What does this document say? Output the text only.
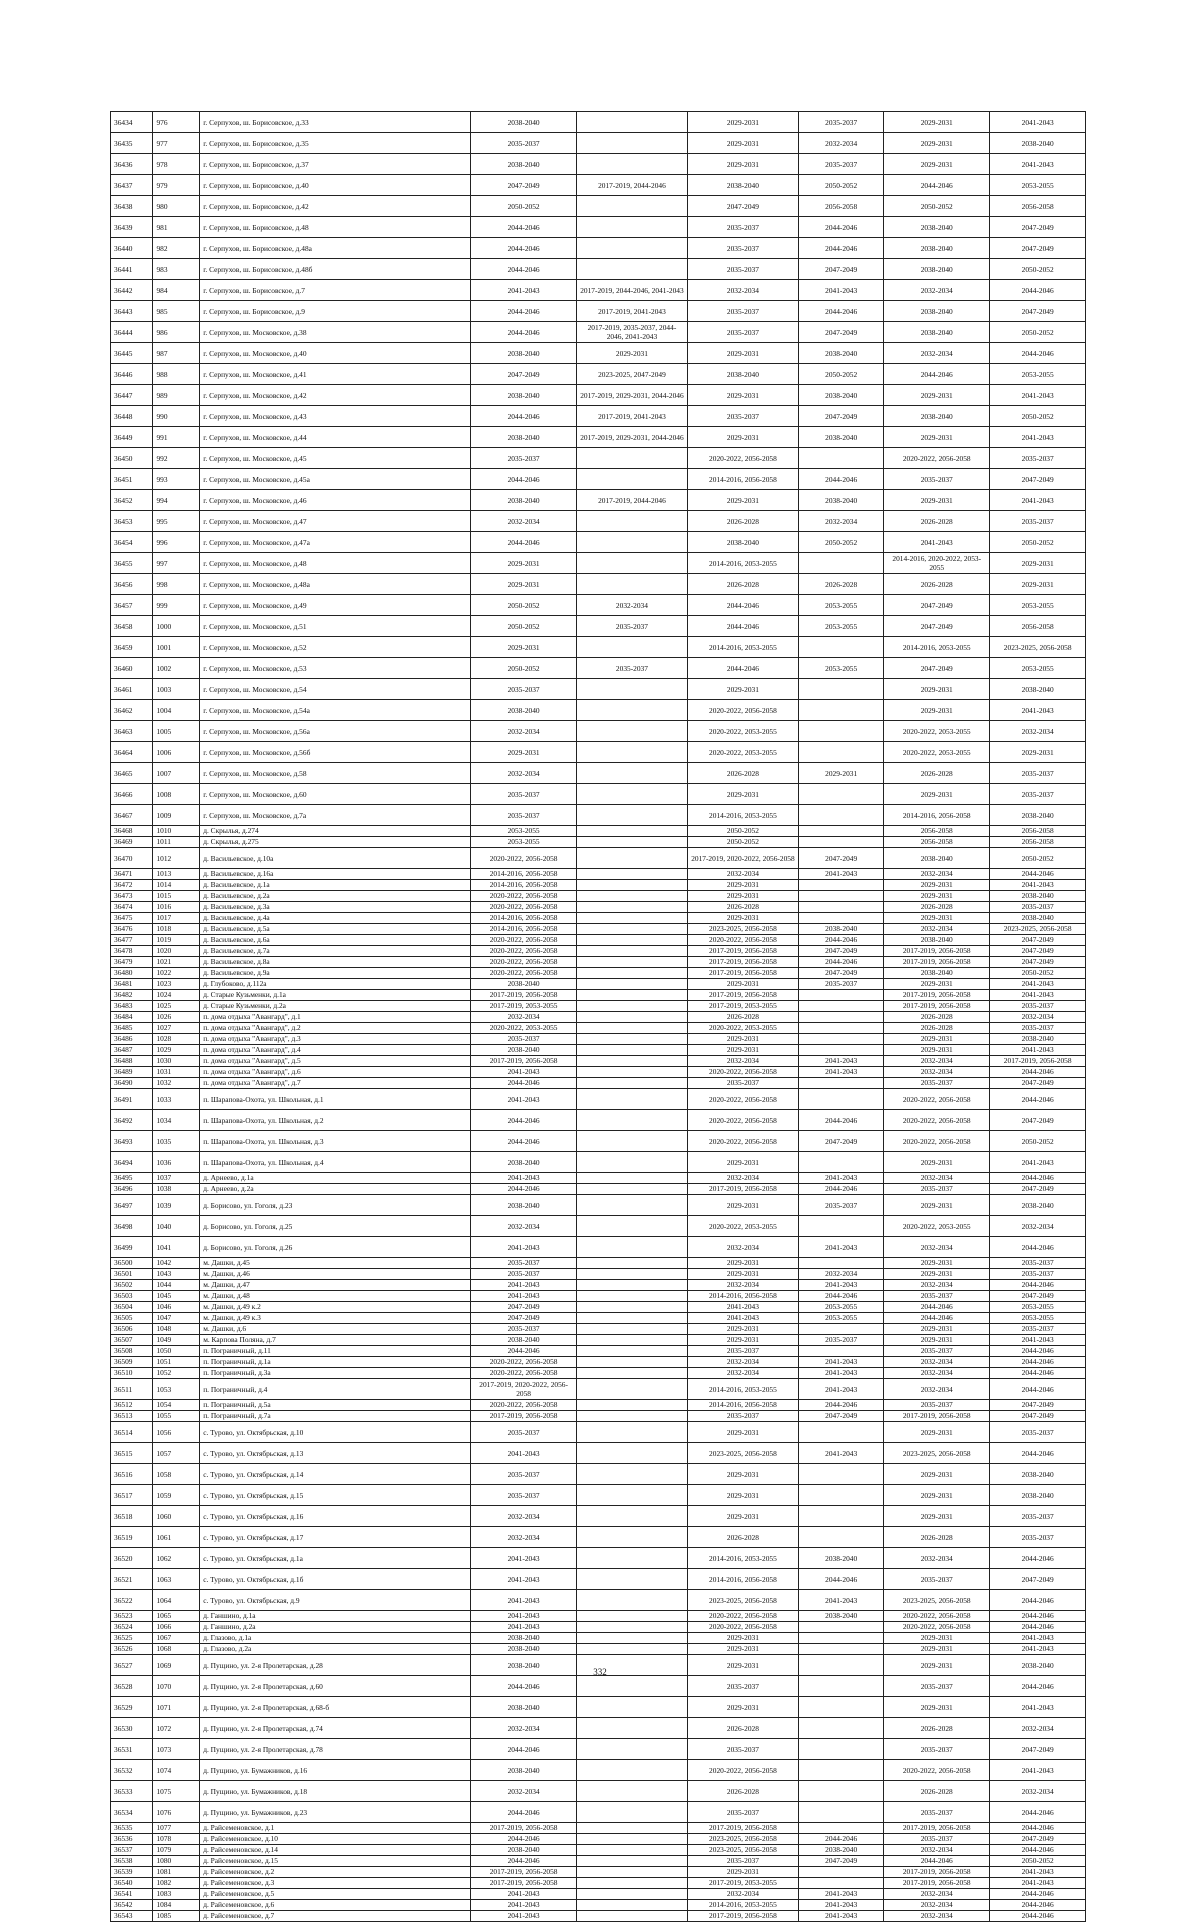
36434	976	г. Серпухов, ш. Борисовское, д.33	2038-2040		2029-2031	2035-2037	2029-2031	2041-2043
36435	977	г. Серпухов, ш. Борисовское, д.35	2035-2037		2029-2031	2032-2034	2029-2031	2038-2040
36436	978	г. Серпухов, ш. Борисовское, д.37	2038-2040		2029-2031	2035-2037	2029-2031	2041-2043
36437	979	г. Серпухов, ш. Борисовское, д.40	2047-2049	2017-2019, 2044-2046	2038-2040	2050-2052	2044-2046	2053-2055
36438	980	г. Серпухов, ш. Борисовское, д.42	2050-2052		2047-2049	2056-2058	2050-2052	2056-2058
36439	981	г. Серпухов, ш. Борисовское, д.48	2044-2046		2035-2037	2044-2046	2038-2040	2047-2049
36440	982	г. Серпухов, ш. Борисовское, д.48а	2044-2046		2035-2037	2044-2046	2038-2040	2047-2049
36441	983	г. Серпухов, ш. Борисовское, д.48б	2044-2046		2035-2037	2047-2049	2038-2040	2050-2052
36442	984	г. Серпухов, ш. Борисовское, д.7	2041-2043	2017-2019, 2044-2046, 2041-2043	2032-2034	2041-2043	2032-2034	2044-2046
36443	985	г. Серпухов, ш. Борисовское, д.9	2044-2046	2017-2019, 2041-2043	2035-2037	2044-2046	2038-2040	2047-2049
36444	986	г. Серпухов, ш. Московское, д.38	2044-2046	2017-2019, 2035-2037, 2044-2046, 2041-2043	2035-2037	2047-2049	2038-2040	2050-2052
36445	987	г. Серпухов, ш. Московское, д.40	2038-2040	2029-2031	2029-2031	2038-2040	2032-2034	2044-2046
36446	988	г. Серпухов, ш. Московское, д.41	2047-2049	2023-2025, 2047-2049	2038-2040	2050-2052	2044-2046	2053-2055
36447	989	г. Серпухов, ш. Московское, д.42	2038-2040	2017-2019, 2029-2031, 2044-2046	2029-2031	2038-2040	2029-2031	2041-2043
36448	990	г. Серпухов, ш. Московское, д.43	2044-2046	2017-2019, 2041-2043	2035-2037	2047-2049	2038-2040	2050-2052
36449	991	г. Серпухов, ш. Московское, д.44	2038-2040	2017-2019, 2029-2031, 2044-2046	2029-2031	2038-2040	2029-2031	2041-2043
36450	992	г. Серпухов, ш. Московское, д.45	2035-2037		2020-2022, 2056-2058		2020-2022, 2056-2058	2035-2037
36451	993	г. Серпухов, ш. Московское, д.45а	2044-2046		2014-2016, 2056-2058	2044-2046	2035-2037	2047-2049
36452	994	г. Серпухов, ш. Московское, д.46	2038-2040	2017-2019, 2044-2046	2029-2031	2038-2040	2029-2031	2041-2043
36453	995	г. Серпухов, ш. Московское, д.47	2032-2034		2026-2028	2032-2034	2026-2028	2035-2037
36454	996	г. Серпухов, ш. Московское, д.47а	2044-2046		2038-2040	2050-2052	2041-2043	2050-2052
36455	997	г. Серпухов, ш. Московское, д.48	2029-2031		2014-2016, 2053-2055		2014-2016, 2020-2022, 2053-2055	2029-2031
36456	998	г. Серпухов, ш. Московское, д.48а	2029-2031		2026-2028	2026-2028	2026-2028	2029-2031
36457	999	г. Серпухов, ш. Московское, д.49	2050-2052	2032-2034	2044-2046	2053-2055	2047-2049	2053-2055
36458	1000	г. Серпухов, ш. Московское, д.51	2050-2052	2035-2037	2044-2046	2053-2055	2047-2049	2056-2058
36459	1001	г. Серпухов, ш. Московское, д.52	2029-2031		2014-2016, 2053-2055		2014-2016, 2053-2055	2023-2025, 2056-2058
36460	1002	г. Серпухов, ш. Московское, д.53	2050-2052	2035-2037	2044-2046	2053-2055	2047-2049	2053-2055
36461	1003	г. Серпухов, ш. Московское, д.54	2035-2037		2029-2031		2029-2031	2038-2040
36462	1004	г. Серпухов, ш. Московское, д.54а	2038-2040		2020-2022, 2056-2058		2029-2031	2041-2043
36463	1005	г. Серпухов, ш. Московское, д.56а	2032-2034		2020-2022, 2053-2055		2020-2022, 2053-2055	2032-2034
36464	1006	г. Серпухов, ш. Московское, д.56б	2029-2031		2020-2022, 2053-2055		2020-2022, 2053-2055	2029-2031
36465	1007	г. Серпухов, ш. Московское, д.58	2032-2034		2026-2028	2029-2031	2026-2028	2035-2037
36466	1008	г. Серпухов, ш. Московское, д.60	2035-2037		2029-2031		2029-2031	2035-2037
36467	1009	г. Серпухов, ш. Московское, д.7а	2035-2037		2014-2016, 2053-2055		2014-2016, 2056-2058	2038-2040
36468	1010	д. Скрылья, д.274	2053-2055		2050-2052		2056-2058	2056-2058
36469	1011	д. Скрылья, д.275	2053-2055		2050-2052		2056-2058	2056-2058
36470	1012	д. Васильевское, д.10а	2020-2022, 2056-2058		2017-2019, 2020-2022, 2056-2058	2047-2049	2038-2040	2050-2052
36471	1013	д. Васильевское, д.16а	2014-2016, 2056-2058		2032-2034	2041-2043	2032-2034	2044-2046
36472	1014	д. Васильевское, д.1а	2014-2016, 2056-2058		2029-2031		2029-2031	2041-2043
36473	1015	д. Васильевское, д.2а	2020-2022, 2056-2058		2029-2031		2029-2031	2038-2040
36474	1016	д. Васильевское, д.3а	2020-2022, 2056-2058		2026-2028		2026-2028	2035-2037
36475	1017	д. Васильевское, д.4а	2014-2016, 2056-2058		2029-2031		2029-2031	2038-2040
36476	1018	д. Васильевское, д.5а	2014-2016, 2056-2058		2023-2025, 2056-2058	2038-2040	2032-2034	2023-2025, 2056-2058
36477	1019	д. Васильевское, д.6а	2020-2022, 2056-2058		2020-2022, 2056-2058	2044-2046	2038-2040	2047-2049
36478	1020	д. Васильевское, д.7а	2020-2022, 2056-2058		2017-2019, 2056-2058	2047-2049	2017-2019, 2056-2058	2047-2049
36479	1021	д. Васильевское, д.8а	2020-2022, 2056-2058		2017-2019, 2056-2058	2044-2046	2017-2019, 2056-2058	2047-2049
36480	1022	д. Васильевское, д.9а	2020-2022, 2056-2058		2017-2019, 2056-2058	2047-2049	2038-2040	2050-2052
36481	1023	д. Глубоково, д.112а	2038-2040		2029-2031	2035-2037	2029-2031	2041-2043
36482	1024	д. Старые Кузьменки, д.1а	2017-2019, 2056-2058		2017-2019, 2056-2058		2017-2019, 2056-2058	2041-2043
36483	1025	д. Старые Кузьменки, д.2а	2017-2019, 2053-2055		2017-2019, 2053-2055		2017-2019, 2056-2058	2035-2037
36484	1026	п. дома отдыха "Авангард", д.1	2032-2034		2026-2028		2026-2028	2032-2034
36485	1027	п. дома отдыха "Авангард", д.2	2020-2022, 2053-2055		2020-2022, 2053-2055		2026-2028	2035-2037
36486	1028	п. дома отдыха "Авангард", д.3	2035-2037		2029-2031		2029-2031	2038-2040
36487	1029	п. дома отдыха "Авангард", д.4	2038-2040		2029-2031		2029-2031	2041-2043
36488	1030	п. дома отдыха "Авангард", д.5	2017-2019, 2056-2058		2032-2034	2041-2043	2032-2034	2017-2019, 2056-2058
36489	1031	п. дома отдыха "Авангард", д.6	2041-2043		2020-2022, 2056-2058	2041-2043	2032-2034	2044-2046
36490	1032	п. дома отдыха "Авангард", д.7	2044-2046		2035-2037		2035-2037	2047-2049
36491	1033	п. Шарапова-Охота, ул. Школьная, д.1	2041-2043		2020-2022, 2056-2058		2020-2022, 2056-2058	2044-2046
36492	1034	п. Шарапова-Охота, ул. Школьная, д.2	2044-2046		2020-2022, 2056-2058	2044-2046	2020-2022, 2056-2058	2047-2049
36493	1035	п. Шарапова-Охота, ул. Школьная, д.3	2044-2046		2020-2022, 2056-2058	2047-2049	2020-2022, 2056-2058	2050-2052
36494	1036	п. Шарапова-Охота, ул. Школьная, д.4	2038-2040		2029-2031		2029-2031	2041-2043
36495	1037	д. Арнеево, д.1а	2041-2043		2032-2034	2041-2043	2032-2034	2044-2046
36496	1038	д. Арнеево, д.2а	2044-2046		2017-2019, 2056-2058	2044-2046	2035-2037	2047-2049
36497	1039	д. Борисово, ул. Гоголя, д.23	2038-2040		2029-2031	2035-2037	2029-2031	2038-2040
36498	1040	д. Борисово, ул. Гоголя, д.25	2032-2034		2020-2022, 2053-2055		2020-2022, 2053-2055	2032-2034
36499	1041	д. Борисово, ул. Гоголя, д.26	2041-2043		2032-2034	2041-2043	2032-2034	2044-2046
36500	1042	м. Дашки, д.45	2035-2037		2029-2031		2029-2031	2035-2037
36501	1043	м. Дашки, д.46	2035-2037		2029-2031	2032-2034	2029-2031	2035-2037
36502	1044	м. Дашки, д.47	2041-2043		2032-2034	2041-2043	2032-2034	2044-2046
36503	1045	м. Дашки, д.48	2041-2043		2014-2016, 2056-2058	2044-2046	2035-2037	2047-2049
36504	1046	м. Дашки, д.49 к.2	2047-2049		2041-2043	2053-2055	2044-2046	2053-2055
36505	1047	м. Дашки, д.49 к.3	2047-2049		2041-2043	2053-2055	2044-2046	2053-2055
36506	1048	м. Дашки, д.6	2035-2037		2029-2031		2029-2031	2035-2037
36507	1049	м. Карпова Поляна, д.7	2038-2040		2029-2031	2035-2037	2029-2031	2041-2043
36508	1050	п. Пограничный, д.11	2044-2046		2035-2037		2035-2037	2044-2046
36509	1051	п. Пограничный, д.1а	2020-2022, 2056-2058		2032-2034	2041-2043	2032-2034	2044-2046
36510	1052	п. Пограничный, д.3а	2020-2022, 2056-2058		2032-2034	2041-2043	2032-2034	2044-2046
36511	1053	п. Пограничный, д.4	2017-2019, 2020-2022, 2056-2058		2014-2016, 2053-2055	2041-2043	2032-2034	2044-2046
36512	1054	п. Пограничный, д.5а	2020-2022, 2056-2058		2014-2016, 2056-2058	2044-2046	2035-2037	2047-2049
36513	1055	п. Пограничный, д.7а	2017-2019, 2056-2058		2035-2037	2047-2049	2017-2019, 2056-2058	2047-2049
36514	1056	с. Турово, ул. Октябрьская, д.10	2035-2037		2029-2031		2029-2031	2035-2037
36515	1057	с. Турово, ул. Октябрьская, д.13	2041-2043		2023-2025, 2056-2058	2041-2043	2023-2025, 2056-2058	2044-2046
36516	1058	с. Турово, ул. Октябрьская, д.14	2035-2037		2029-2031		2029-2031	2038-2040
36517	1059	с. Турово, ул. Октябрьская, д.15	2035-2037		2029-2031		2029-2031	2038-2040
36518	1060	с. Турово, ул. Октябрьская, д.16	2032-2034		2029-2031		2029-2031	2035-2037
36519	1061	с. Турово, ул. Октябрьская, д.17	2032-2034		2026-2028		2026-2028	2035-2037
36520	1062	с. Турово, ул. Октябрьская, д.1а	2041-2043		2014-2016, 2053-2055	2038-2040	2032-2034	2044-2046
36521	1063	с. Турово, ул. Октябрьская, д.1б	2041-2043		2014-2016, 2056-2058	2044-2046	2035-2037	2047-2049
36522	1064	с. Турово, ул. Октябрьская, д.9	2041-2043		2023-2025, 2056-2058	2041-2043	2023-2025, 2056-2058	2044-2046
36523	1065	д. Ганшино, д.1а	2041-2043		2020-2022, 2056-2058	2038-2040	2020-2022, 2056-2058	2044-2046
36524	1066	д. Ганшино, д.2а	2041-2043		2020-2022, 2056-2058		2020-2022, 2056-2058	2044-2046
36525	1067	д. Глазово, д.1а	2038-2040		2029-2031		2029-2031	2041-2043
36526	1068	д. Глазово, д.2а	2038-2040		2029-2031		2029-2031	2041-2043
36527	1069	д. Пущино, ул. 2-я Пролетарская, д.28	2038-2040		2029-2031		2029-2031	2038-2040
36528	1070	д. Пущино, ул. 2-я Пролетарская, д.60	2044-2046		2035-2037		2035-2037	2044-2046
36529	1071	д. Пущино, ул. 2-я Пролетарская, д.68-б	2038-2040		2029-2031		2029-2031	2041-2043
36530	1072	д. Пущино, ул. 2-я Пролетарская, д.74	2032-2034		2026-2028		2026-2028	2032-2034
36531	1073	д. Пущино, ул. 2-я Пролетарская, д.78	2044-2046		2035-2037		2035-2037	2047-2049
36532	1074	д. Пущино, ул. Бумажников, д.16	2038-2040		2020-2022, 2056-2058		2020-2022, 2056-2058	2041-2043
36533	1075	д. Пущино, ул. Бумажников, д.18	2032-2034		2026-2028		2026-2028	2032-2034
36534	1076	д. Пущино, ул. Бумажников, д.23	2044-2046		2035-2037		2035-2037	2044-2046
36535	1077	д. Райсеменовское, д.1	2017-2019, 2056-2058		2017-2019, 2056-2058		2017-2019, 2056-2058	2044-2046
36536	1078	д. Райсеменовское, д.10	2044-2046		2023-2025, 2056-2058	2044-2046	2035-2037	2047-2049
36537	1079	д. Райсеменовское, д.14	2038-2040		2023-2025, 2056-2058	2038-2040	2032-2034	2044-2046
36538	1080	д. Райсеменовское, д.15	2044-2046		2035-2037	2047-2049	2044-2046	2050-2052
36539	1081	д. Райсеменовское, д.2	2017-2019, 2056-2058		2029-2031		2017-2019, 2056-2058	2041-2043
36540	1082	д. Райсеменовское, д.3	2017-2019, 2056-2058		2017-2019, 2053-2055		2017-2019, 2056-2058	2041-2043
36541	1083	д. Райсеменовское, д.5	2041-2043		2032-2034	2041-2043	2032-2034	2044-2046
36542	1084	д. Райсеменовское, д.6	2041-2043		2014-2016, 2053-2055	2041-2043	2032-2034	2044-2046
36543	1085	д. Райсеменовское, д.7	2041-2043		2017-2019, 2056-2058	2041-2043	2032-2034	2044-2046
332
